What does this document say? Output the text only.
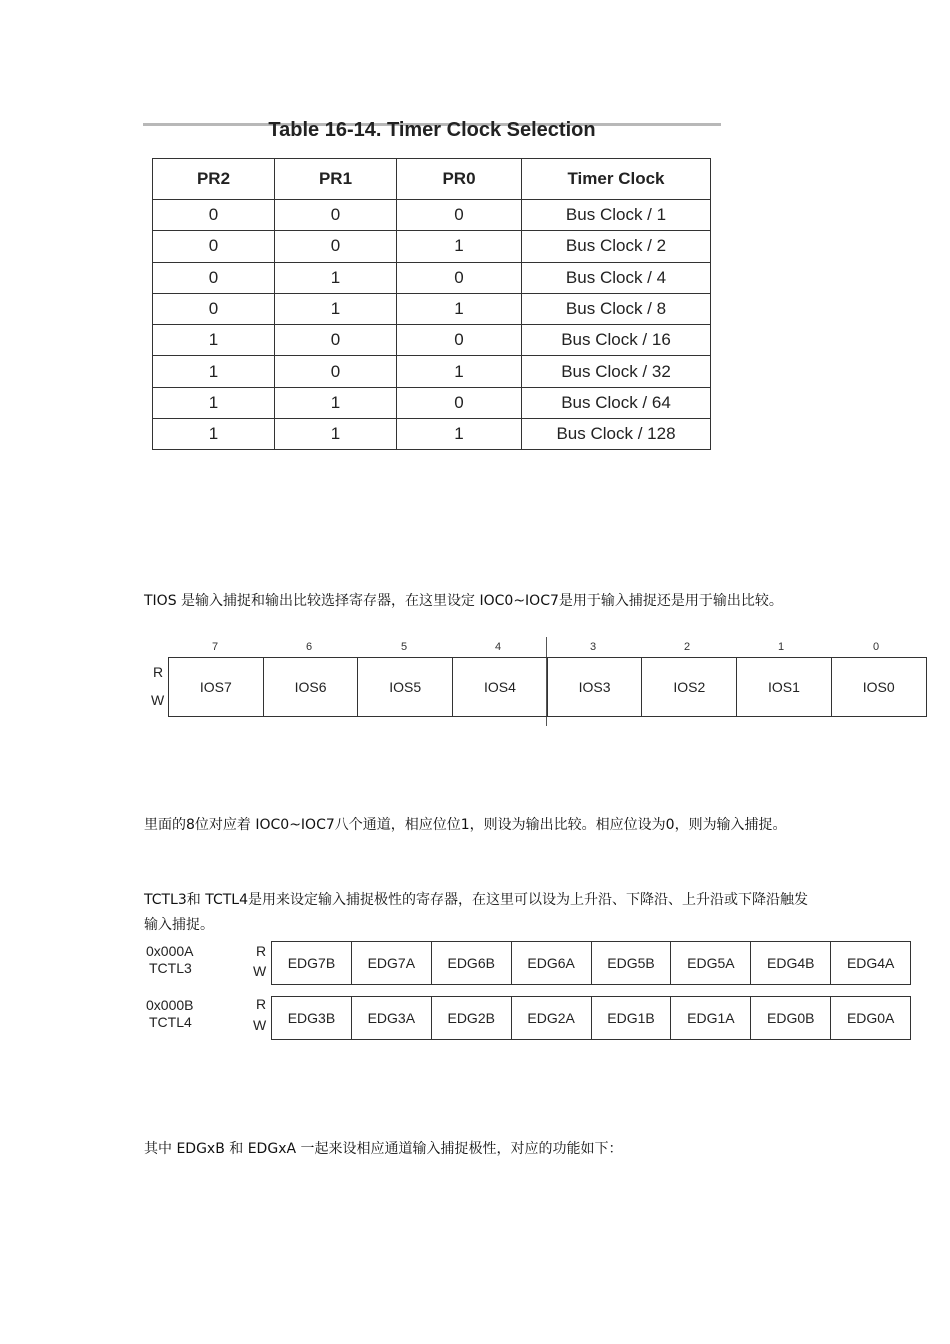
Table 16-14. Timer Clock Selection
PR2	PR1	PR0	Timer Clock
0	0	0	Bus Clock / 1
0	0	1	Bus Clock / 2
0	1	0	Bus Clock / 4
0	1	1	Bus Clock / 8
1	0	0	Bus Clock / 16
1	0	1	Bus Clock / 32
1	1	0	Bus Clock / 64
1	1	1	Bus Clock / 128
TIOS 是输入捕捉和输出比较选择寄存器，在这里设定 IOC0~IOC7是用于输入捕捉还是用于输出比较。
7	6	5	4	3	2	1	0
R
W
IOS7	IOS6	IOS5	IOS4	IOS3	IOS2	IOS1	IOS0
里面的8位对应着 IOC0~IOC7八个通道，相应位位1，则设为输出比较。相应位设为0，则为输入捕捉。
TCTL3和 TCTL4是用来设定输入捕捉极性的寄存器，在这里可以设为上升沿、下降沿、上升沿或下降沿触发输入捕捉。
0x000A
TCTL3
R
W	EDG7B	EDG7A	EDG6B	EDG6A	EDG5B	EDG5A	EDG4B	EDG4A
0x000B
TCTL4
R
W	EDG3B	EDG3A	EDG2B	EDG2A	EDG1B	EDG1A	EDG0B	EDG0A
其中 EDGxB 和 EDGxA 一起来设相应通道输入捕捉极性，对应的功能如下：
